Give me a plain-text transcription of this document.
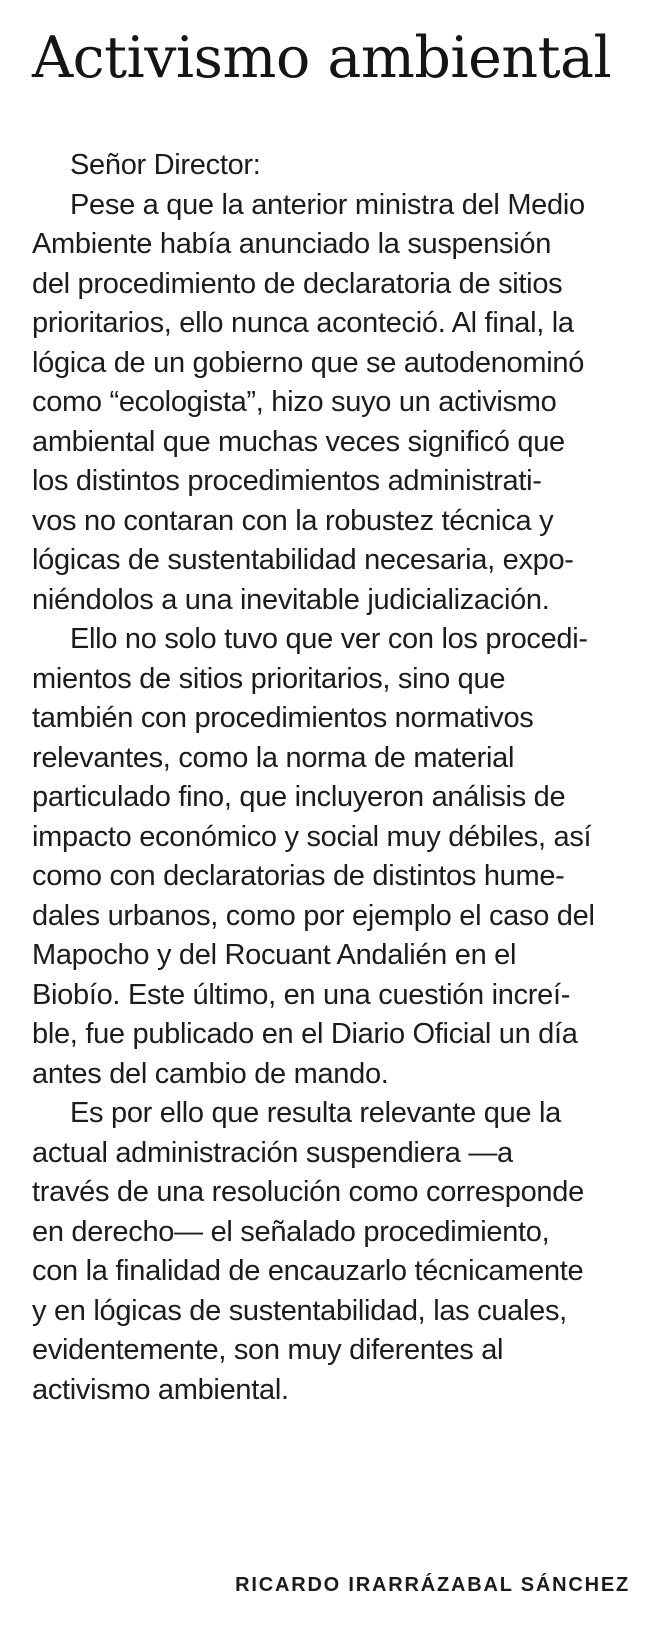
Activismo ambiental
Señor Director:
Pese a que la anterior ministra del Medio
Ambiente había anunciado la suspensión
del procedimiento de declaratoria de sitios
prioritarios, ello nunca aconteció. Al final, la
lógica de un gobierno que se autodenominó
como “ecologista”, hizo suyo un activismo
ambiental que muchas veces significó que
los distintos procedimientos administrati-
vos no contaran con la robustez técnica y
lógicas de sustentabilidad necesaria, expo-
niéndolos a una inevitable judicialización.
Ello no solo tuvo que ver con los procedi-
mientos de sitios prioritarios, sino que
también con procedimientos normativos
relevantes, como la norma de material
particulado fino, que incluyeron análisis de
impacto económico y social muy débiles, así
como con declaratorias de distintos hume-
dales urbanos, como por ejemplo el caso del
Mapocho y del Rocuant Andalién en el
Biobío. Este último, en una cuestión increí-
ble, fue publicado en el Diario Oficial un día
antes del cambio de mando.
Es por ello que resulta relevante que la
actual administración suspendiera —a
través de una resolución como corresponde
en derecho— el señalado procedimiento,
con la finalidad de encauzarlo técnicamente
y en lógicas de sustentabilidad, las cuales,
evidentemente, son muy diferentes al
activismo ambiental.
RICARDO IRARRÁZABAL SÁNCHEZ
